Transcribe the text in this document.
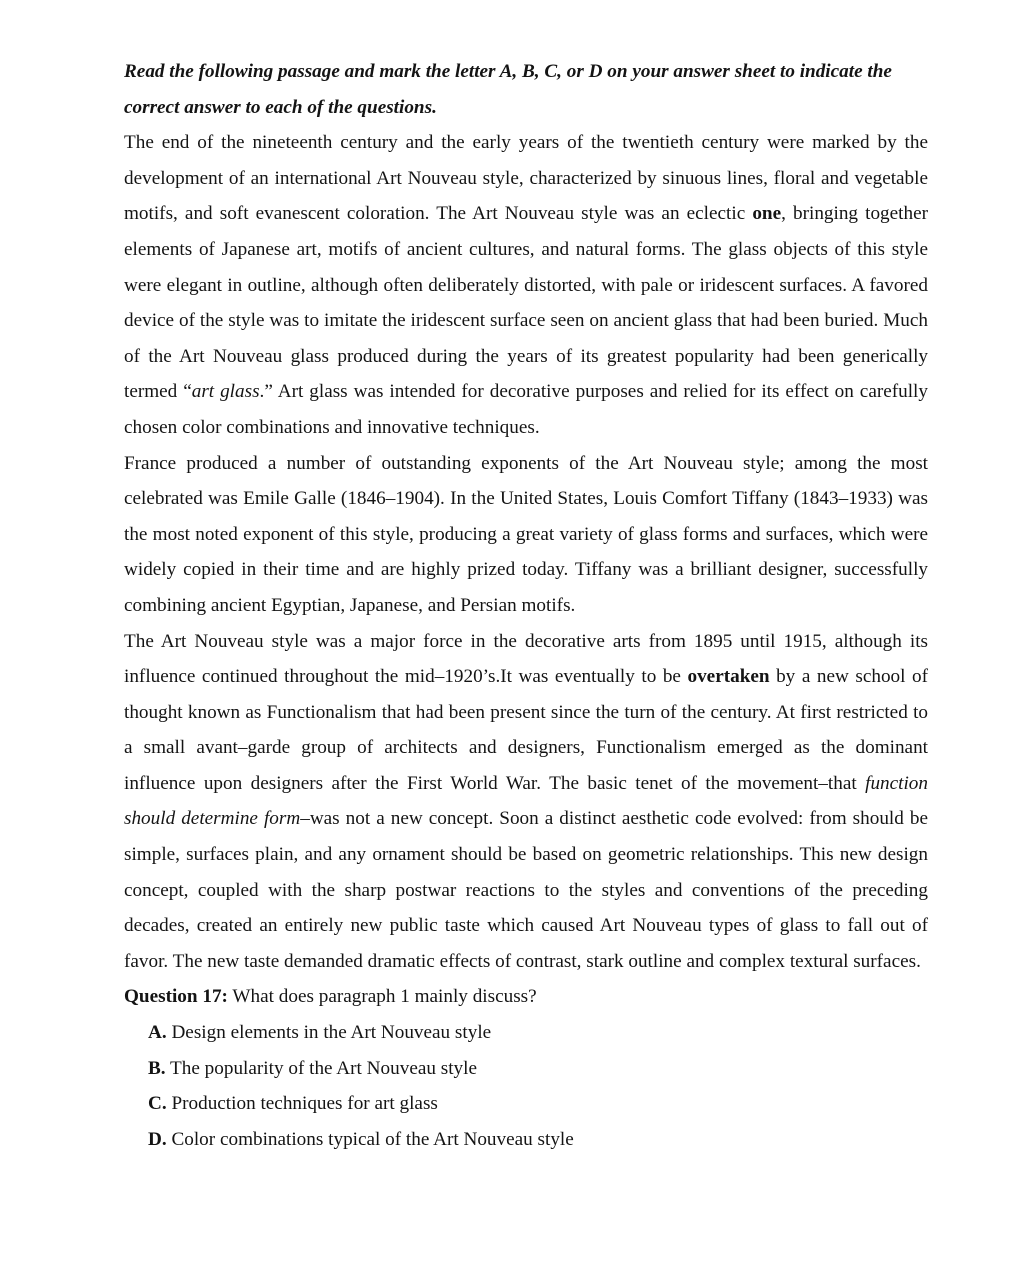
Read the following passage and mark the letter A, B, C, or D on your answer sheet to indicate the correct answer to each of the questions.

The end of the nineteenth century and the early years of the twentieth century were marked by the development of an international Art Nouveau style, characterized by sinuous lines, floral and vegetable motifs, and soft evanescent coloration. The Art Nouveau style was an eclectic one, bringing together elements of Japanese art, motifs of ancient cultures, and natural forms. The glass objects of this style were elegant in outline, although often deliberately distorted, with pale or iridescent surfaces. A favored device of the style was to imitate the iridescent surface seen on ancient glass that had been buried. Much of the Art Nouveau glass produced during the years of its greatest popularity had been generically termed “art glass.” Art glass was intended for decorative purposes and relied for its effect on carefully chosen color combinations and innovative techniques.

France produced a number of outstanding exponents of the Art Nouveau style; among the most celebrated was Emile Galle (1846–1904). In the United States, Louis Comfort Tiffany (1843–1933) was the most noted exponent of this style, producing a great variety of glass forms and surfaces, which were widely copied in their time and are highly prized today. Tiffany was a brilliant designer, successfully combining ancient Egyptian, Japanese, and Persian motifs.

The Art Nouveau style was a major force in the decorative arts from 1895 until 1915, although its influence continued throughout the mid–1920’s.It was eventually to be overtaken by a new school of thought known as Functionalism that had been present since the turn of the century. At first restricted to a small avant–garde group of architects and designers, Functionalism emerged as the dominant influence upon designers after the First World War. The basic tenet of the movement–that function should determine form–was not a new concept. Soon a distinct aesthetic code evolved: from should be simple, surfaces plain, and any ornament should be based on geometric relationships. This new design concept, coupled with the sharp postwar reactions to the styles and conventions of the preceding decades, created an entirely new public taste which caused Art Nouveau types of glass to fall out of favor. The new taste demanded dramatic effects of contrast, stark outline and complex textural surfaces.

Question 17: What does paragraph 1 mainly discuss?

A. Design elements in the Art Nouveau style

B. The popularity of the Art Nouveau style

C. Production techniques for art glass

D. Color combinations typical of the Art Nouveau style
